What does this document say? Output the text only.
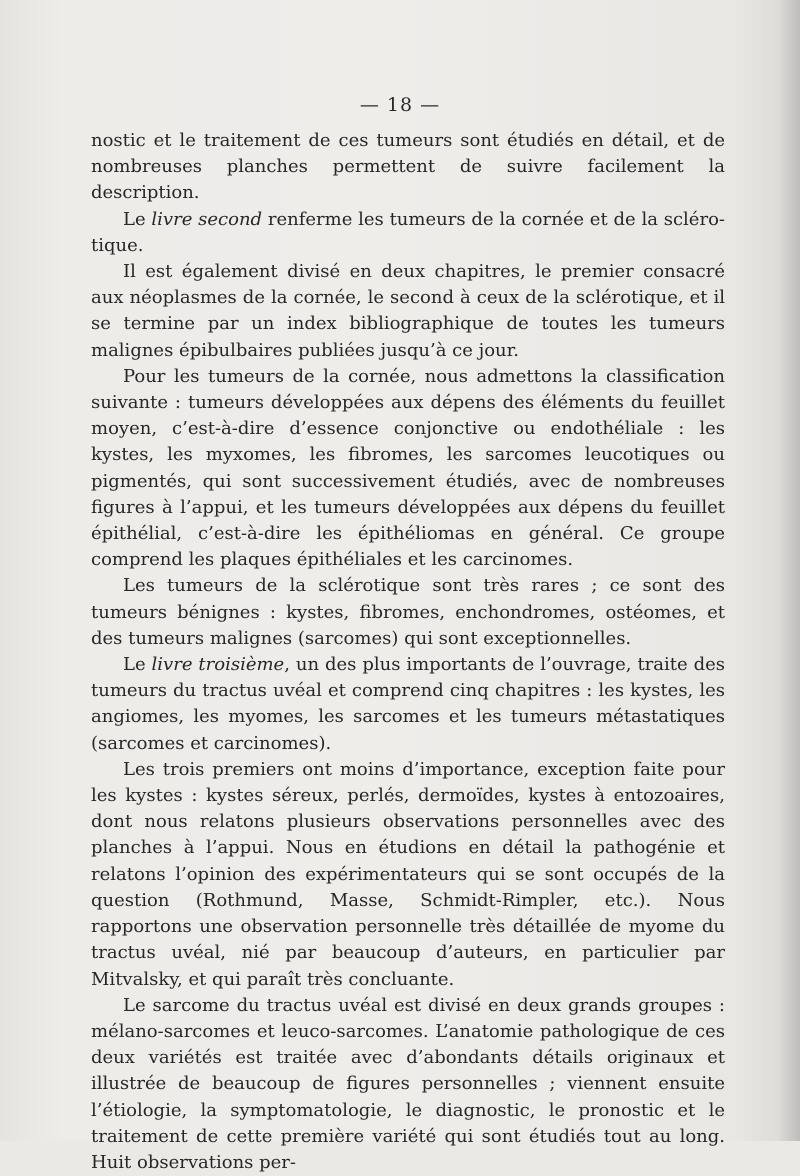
— 18 —

nostic et le traitement de ces tumeurs sont étudiés en détail, et de nombreuses planches permettent de suivre facilement la description.

Le livre second renferme les tumeurs de la cornée et de la sclérotique.

Il est également divisé en deux chapitres, le premier consacré aux néoplasmes de la cornée, le second à ceux de la sclérotique, et il se termine par un index bibliographique de toutes les tumeurs malignes épibulbaires publiées jusqu’à ce jour.

Pour les tumeurs de la cornée, nous admettons la classification suivante : tumeurs développées aux dépens des éléments du feuillet moyen, c’est-à-dire d’essence conjonctive ou endothéliale : les kystes, les myxomes, les fibromes, les sarcomes leucotiques ou pigmentés, qui sont successivement étudiés, avec de nombreuses figures à l’appui, et les tumeurs développées aux dépens du feuillet épithélial, c’est-à-dire les épithéliomas en général. Ce groupe comprend les plaques épithéliales et les carcinomes.

Les tumeurs de la sclérotique sont très rares ; ce sont des tumeurs bénignes : kystes, fibromes, enchondromes, ostéomes, et des tumeurs malignes (sarcomes) qui sont exceptionnelles.

Le livre troisième, un des plus importants de l’ouvrage, traite des tumeurs du tractus uvéal et comprend cinq chapitres : les kystes, les angiomes, les myomes, les sarcomes et les tumeurs métastatiques (sarcomes et carcinomes).

Les trois premiers ont moins d’importance, exception faite pour les kystes : kystes séreux, perlés, dermoïdes, kystes à entozoaires, dont nous relatons plusieurs observations personnelles avec des planches à l’appui. Nous en étudions en détail la pathogénie et relatons l’opinion des expérimentateurs qui se sont occupés de la question (Rothmund, Masse, Schmidt-Rimpler, etc.). Nous rapportons une observation personnelle très détaillée de myome du tractus uvéal, nié par beaucoup d’auteurs, en particulier par Mitvalsky, et qui paraît très concluante.

Le sarcome du tractus uvéal est divisé en deux grands groupes : mélano-sarcomes et leuco-sarcomes. L’anatomie pathologique de ces deux variétés est traitée avec d’abondants détails originaux et illustrée de beaucoup de figures personnelles ; viennent ensuite l’étiologie, la symptomatologie, le diagnostic, le pronostic et le traitement de cette première variété qui sont étudiés tout au long. Huit observations per-
